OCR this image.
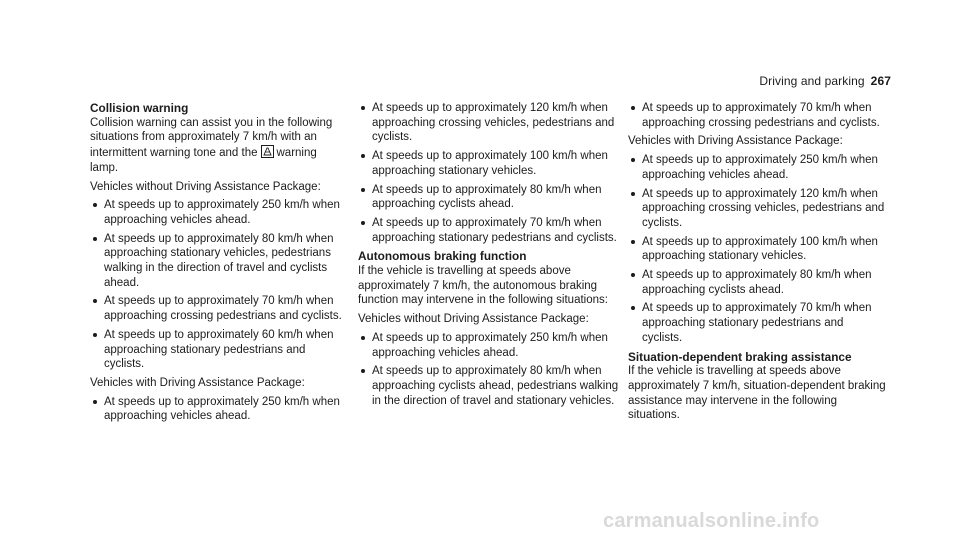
Driving and parking 267
Collision warning

Collision warning can assist you in the following situations from approximately 7 km/h with an intermittent warning tone and the warning lamp.

Vehicles without Driving Assistance Package:

At speeds up to approximately 250 km/h when approaching vehicles ahead.
At speeds up to approximately 80 km/h when approaching stationary vehicles, pedestrians walking in the direction of travel and cyclists ahead.
At speeds up to approximately 70 km/h when approaching crossing pedestrians and cyclists.
At speeds up to approximately 60 km/h when approaching stationary pedestrians and cyclists.

Vehicles with Driving Assistance Package:

At speeds up to approximately 250 km/h when approaching vehicles ahead.
At speeds up to approximately 120 km/h when approaching crossing vehicles, pedestrians and cyclists.
At speeds up to approximately 100 km/h when approaching stationary vehicles.
At speeds up to approximately 80 km/h when approaching cyclists ahead.
At speeds up to approximately 70 km/h when approaching stationary pedestrians and cyclists.
Autonomous braking function

If the vehicle is travelling at speeds above approximately 7 km/h, the autonomous braking function may intervene in the following situations:

Vehicles without Driving Assistance Package:

At speeds up to approximately 250 km/h when approaching vehicles ahead.
At speeds up to approximately 80 km/h when approaching cyclists ahead, pedestrians walking in the direction of travel and stationary vehicles.
At speeds up to approximately 70 km/h when approaching crossing pedestrians and cyclists.

Vehicles with Driving Assistance Package:

At speeds up to approximately 250 km/h when approaching vehicles ahead.
At speeds up to approximately 120 km/h when approaching crossing vehicles, pedestrians and cyclists.
At speeds up to approximately 100 km/h when approaching stationary vehicles.
At speeds up to approximately 80 km/h when approaching cyclists ahead.
At speeds up to approximately 70 km/h when approaching stationary pedestrians and cyclists.
Situation-dependent braking assistance

If the vehicle is travelling at speeds above approximately 7 km/h, situation-dependent braking assistance may intervene in the following situations.

carmanualsonline.info
